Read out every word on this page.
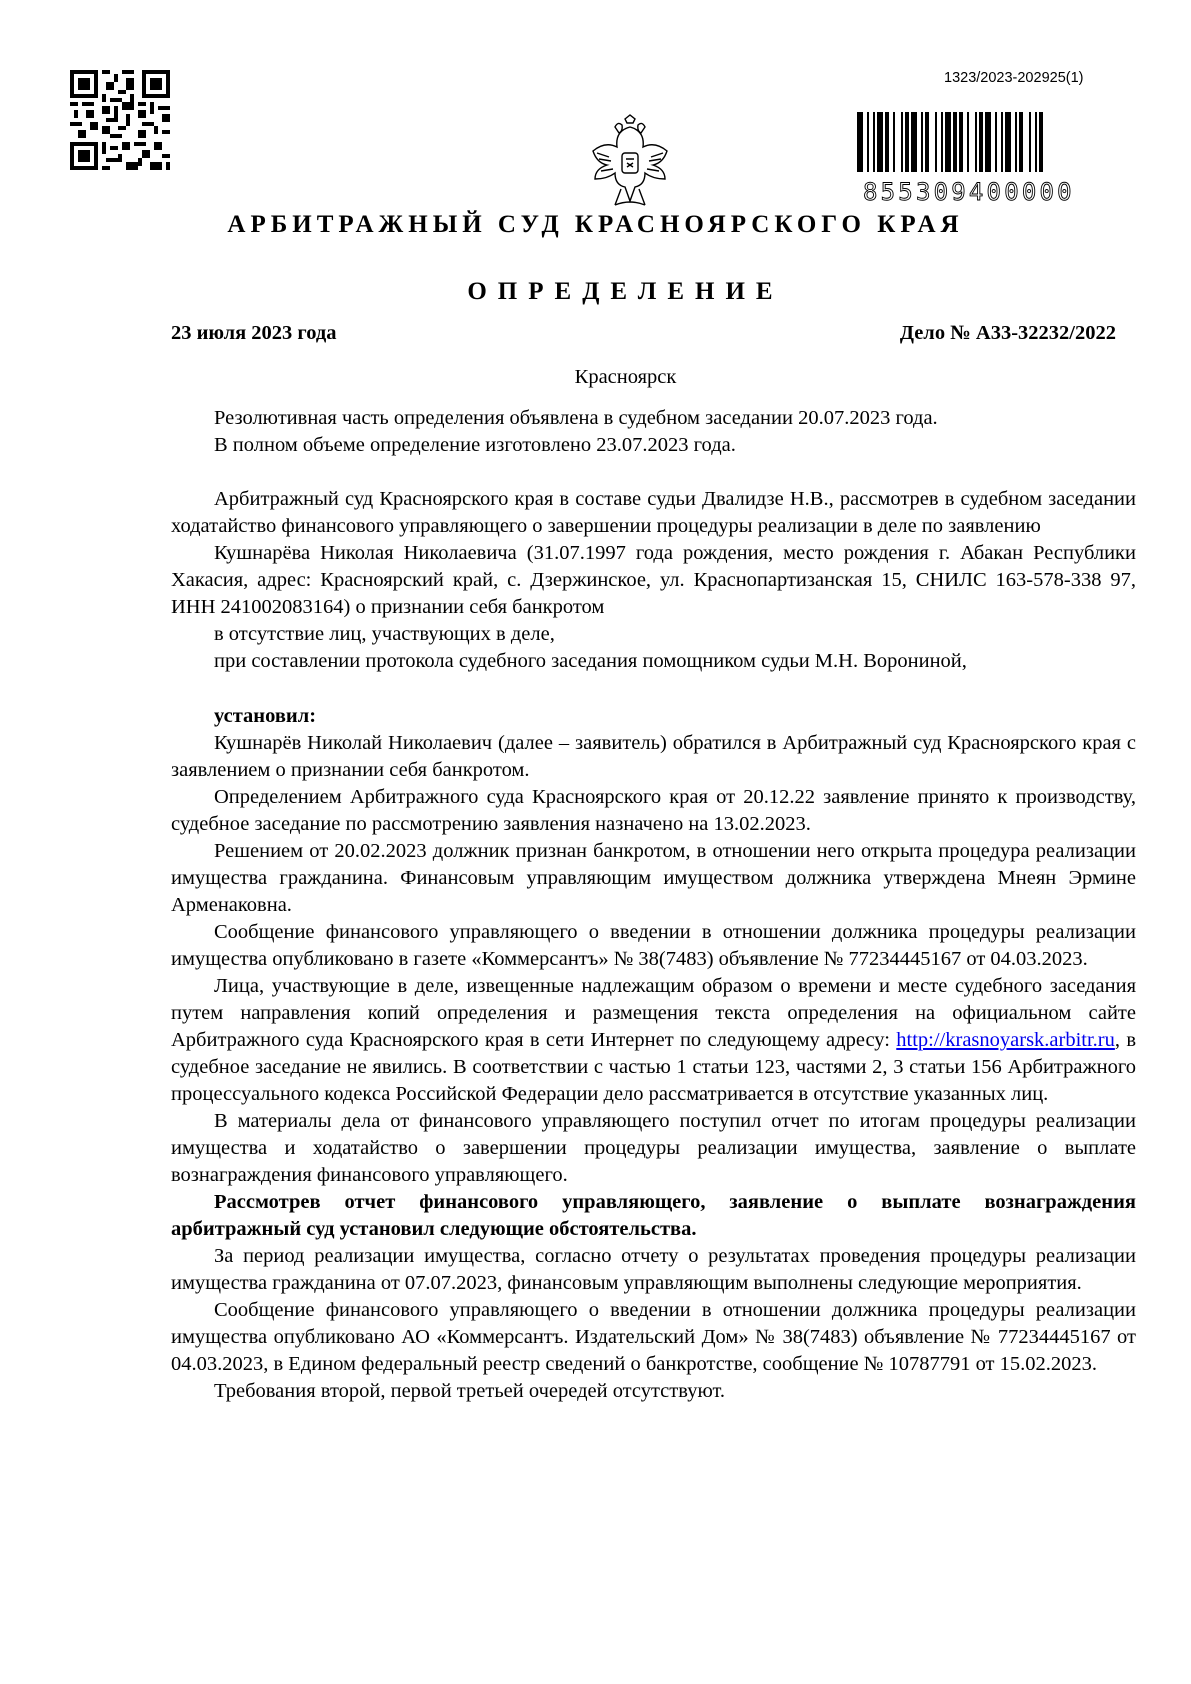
1323/2023-202925(1)
855309400000
АРБИТРАЖНЫЙ СУД КРАСНОЯРСКОГО КРАЯ
ОПРЕДЕЛЕНИЕ
23 июля 2023 года	Дело № А33-32232/2022
Красноярск

Резолютивная часть определения объявлена в судебном заседании 20.07.2023 года.

В полном объеме определение изготовлено 23.07.2023 года.

Арбитражный суд Красноярского края в составе судьи Двалидзе Н.В., рассмотрев в судебном заседании ходатайство финансового управляющего о завершении процедуры реализации в деле по заявлению

Кушнарёва Николая Николаевича (31.07.1997 года рождения, место рождения г. Абакан Республики Хакасия, адрес: Красноярский край, с. Дзержинское, ул. Краснопартизанская 15, СНИЛС 163-578-338 97, ИНН 241002083164) о признании себя банкротом

в отсутствие лиц, участвующих в деле,

при составлении протокола судебного заседания помощником судьи М.Н. Ворониной,

установил:

Кушнарёв Николай Николаевич (далее – заявитель) обратился в Арбитражный суд Красноярского края с заявлением о признании себя банкротом.

Определением Арбитражного суда Красноярского края от 20.12.22 заявление принято к производству, судебное заседание по рассмотрению заявления назначено на 13.02.2023.

Решением от 20.02.2023 должник признан банкротом, в отношении него открыта процедура реализации имущества гражданина. Финансовым управляющим имуществом должника утверждена Мнеян Эрмине Арменаковна.

Сообщение финансового управляющего о введении в отношении должника процедуры реализации имущества опубликовано в газете «Коммерсантъ» № 38(7483) объявление № 77234445167 от 04.03.2023.

Лица, участвующие в деле, извещенные надлежащим образом о времени и месте судебного заседания путем направления копий определения и размещения текста определения на официальном сайте Арбитражного суда Красноярского края в сети Интернет по следующему адресу: http://krasnoyarsk.arbitr.ru, в судебное заседание не явились. В соответствии с частью 1 статьи 123, частями 2, 3 статьи 156 Арбитражного процессуального кодекса Российской Федерации дело рассматривается в отсутствие указанных лиц.

В материалы дела от финансового управляющего поступил отчет по итогам процедуры реализации имущества и ходатайство о завершении процедуры реализации имущества, заявление о выплате вознаграждения финансового управляющего.

Рассмотрев отчет финансового управляющего, заявление о выплате вознаграждения арбитражный суд установил следующие обстоятельства.

За период реализации имущества, согласно отчету о результатах проведения процедуры реализации имущества гражданина от 07.07.2023, финансовым управляющим выполнены следующие мероприятия.

Сообщение финансового управляющего о введении в отношении должника процедуры реализации имущества опубликовано АО «Коммерсантъ. Издательский Дом» № 38(7483) объявление № 77234445167 от 04.03.2023, в Едином федеральный реестр сведений о банкротстве, сообщение № 10787791 от 15.02.2023.

Требования второй, первой третьей очередей отсутствуют.
